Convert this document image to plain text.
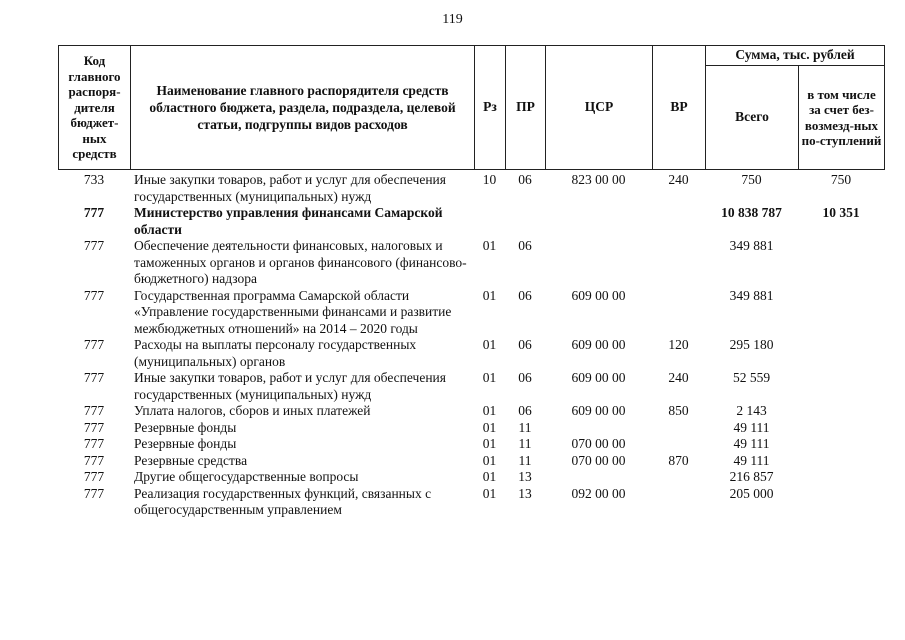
119
Код главного распоря-дителя бюджет-ных средств	Наименование главного распорядителя средств областного бюджета, раздела, подраздела, целевой статьи, подгруппы видов расходов	Рз	ПР	ЦСР	ВР	Сумма, тыс. рублей	
						Всего	в том числе за счет без-возмезд-ных по-ступлений
733	Иные закупки товаров, работ и услуг для обеспечения государственных (муниципальных) нужд	10	06	823 00 00	240	750	750
777	Министерство управления финансами Самарской области					10 838 787	10 351
777	Обеспечение деятельности финансовых, налоговых и таможенных органов и органов финансового (финансово-бюджетного) надзора	01	06			349 881	
777	Государственная программа Самарской области «Управление государственными финансами и развитие межбюджетных отношений» на 2014 – 2020 годы	01	06	609 00 00		349 881	
777	Расходы на выплаты персоналу государственных (муниципальных) органов	01	06	609 00 00	120	295 180	
777	Иные закупки товаров, работ и услуг для обеспечения государственных (муниципальных) нужд	01	06	609 00 00	240	52 559	
777	Уплата налогов, сборов и иных платежей	01	06	609 00 00	850	2 143	
777	Резервные фонды	01	11			49 111	
777	Резервные фонды	01	11	070 00 00		49 111	
777	Резервные средства	01	11	070 00 00	870	49 111	
777	Другие общегосударственные вопросы	01	13			216 857	
777	Реализация государственных функций, связанных с общегосударственным управлением	01	13	092 00 00		205 000	
